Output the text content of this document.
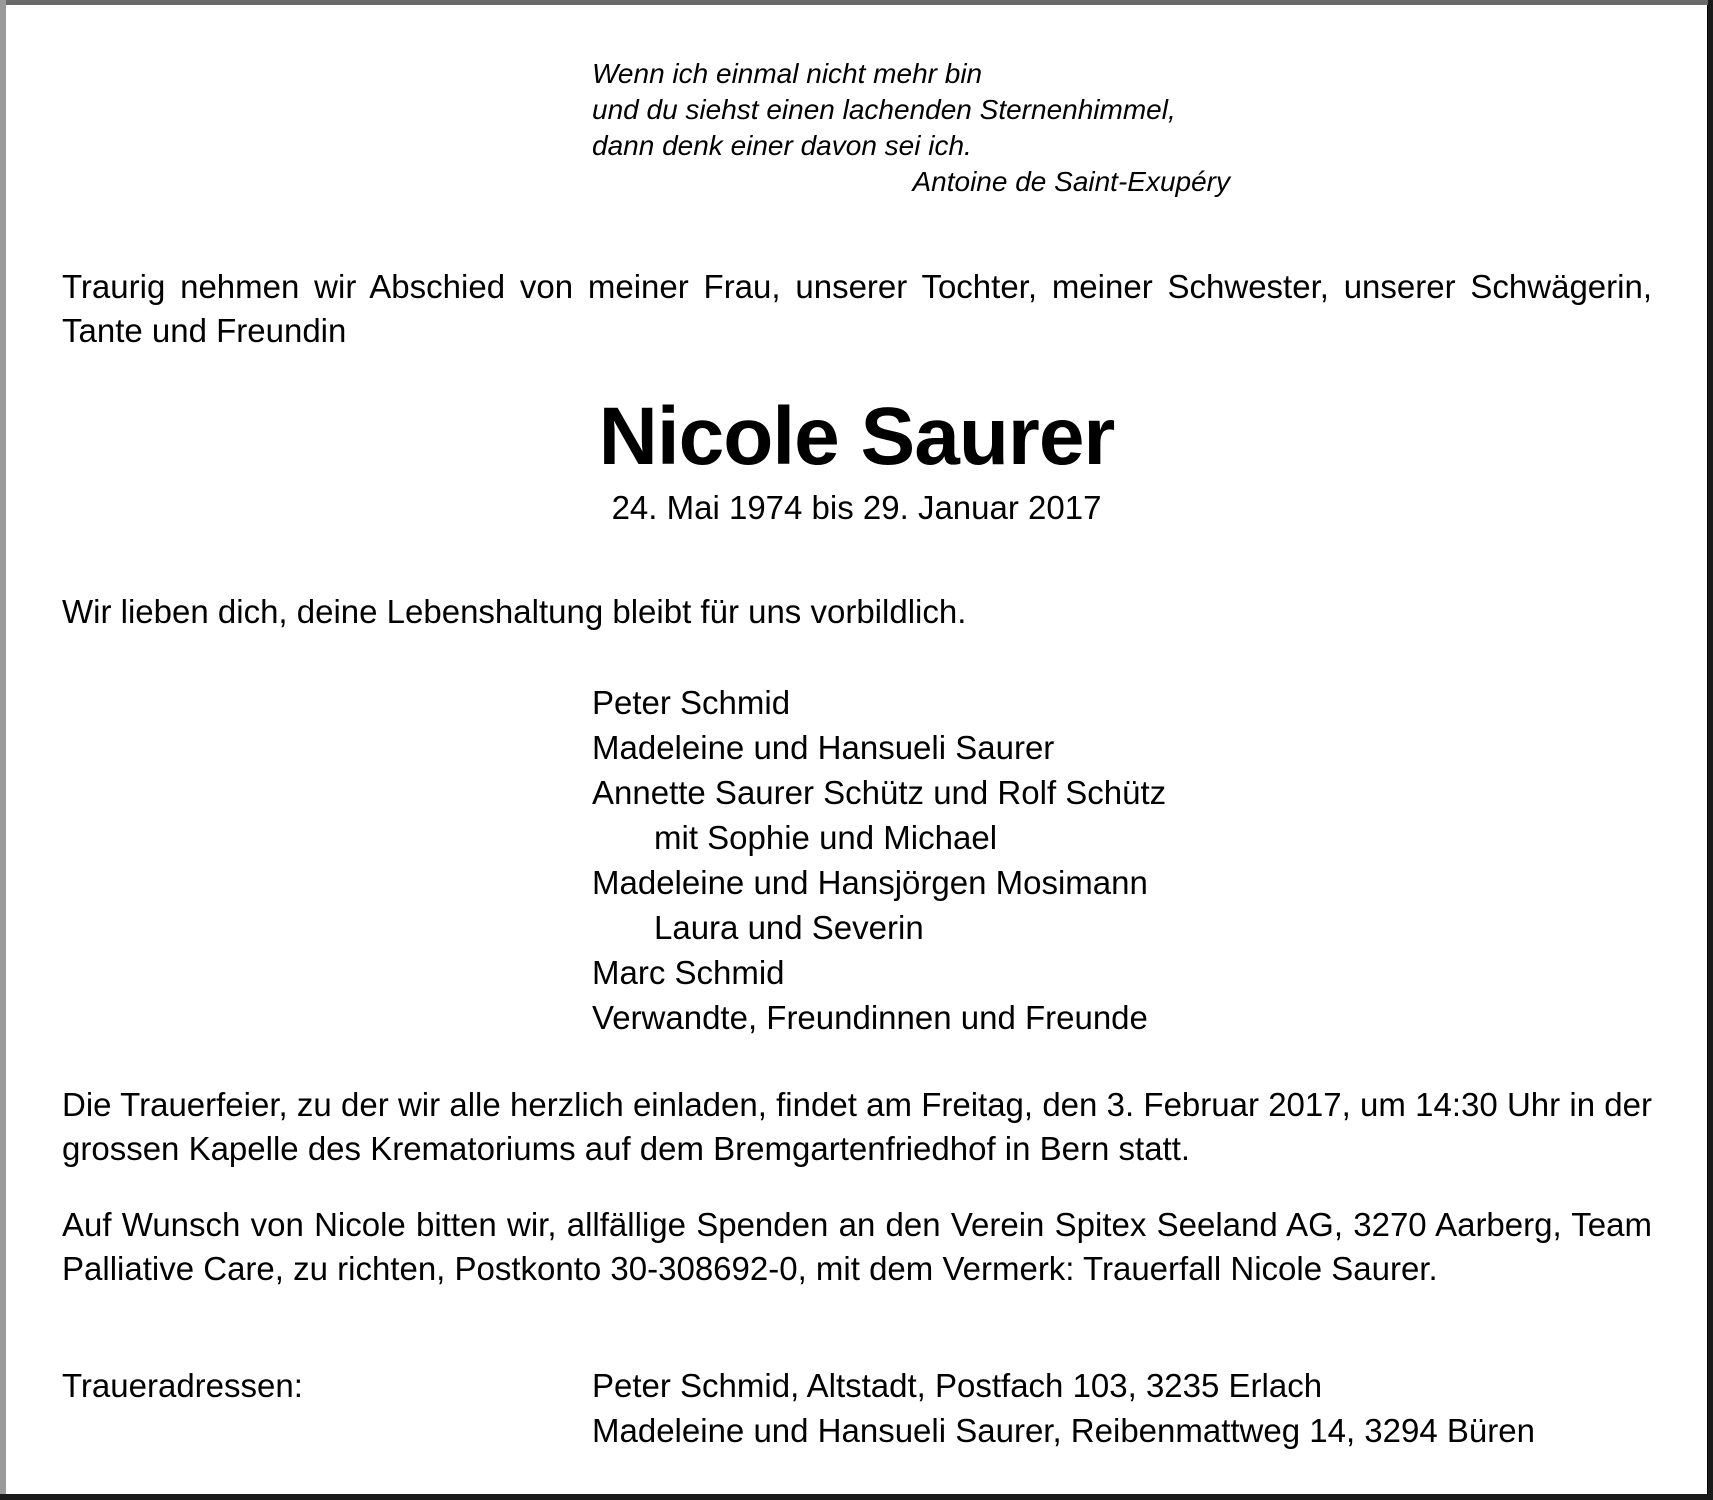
Wenn ich einmal nicht mehr bin
und du siehst einen lachenden Sternenhimmel,
dann denk einer davon sei ich.
Antoine de Saint-Exupéry
Traurig nehmen wir Abschied von meiner Frau, unserer Tochter, meiner Schwester, unserer Schwägerin, Tante und Freundin
Nicole Saurer
24. Mai 1974 bis 29. Januar 2017
Wir lieben dich, deine Lebenshaltung bleibt für uns vorbildlich.
Peter Schmid
Madeleine und Hansueli Saurer
Annette Saurer Schütz und Rolf Schütz
mit Sophie und Michael
Madeleine und Hansjörgen Mosimann
Laura und Severin
Marc Schmid
Verwandte, Freundinnen und Freunde
Die Trauerfeier, zu der wir alle herzlich einladen, findet am Freitag, den 3. Februar 2017, um 14:30 Uhr in der grossen Kapelle des Krematoriums auf dem Bremgartenfriedhof in Bern statt.
Auf Wunsch von Nicole bitten wir, allfällige Spenden an den Verein Spitex Seeland AG, 3270 Aarberg, Team Palliative Care, zu richten, Postkonto 30-308692-0, mit dem Vermerk: Trauerfall Nicole Saurer.
Traueradressen:	Peter Schmid, Altstadt, Postfach 103, 3235 Erlach
Madeleine und Hansueli Saurer, Reibenmattweg 14, 3294 Büren
